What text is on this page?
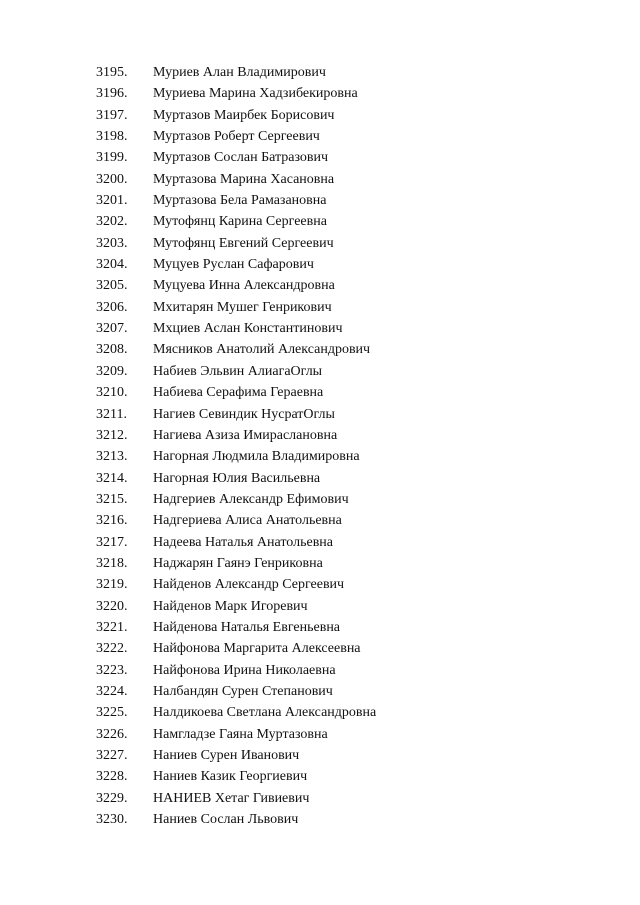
3195. Муриев Алан Владимирович
3196. Муриева Марина Хадзибекировна
3197. Муртазов Маирбек Борисович
3198. Муртазов Роберт Сергеевич
3199. Муртазов Сослан Батразович
3200. Муртазова Марина Хасановна
3201. Муртазова Бела Рамазановна
3202. Мутофянц Карина Сергеевна
3203. Мутофянц Евгений Сергеевич
3204. Муцуев Руслан Сафарович
3205. Муцуева Инна Александровна
3206. Мхитарян Мушег Генрикович
3207. Мхциев Аслан Константинович
3208. Мясников Анатолий Александрович
3209. Набиев Эльвин АлиагаОглы
3210. Набиева Серафима Гераевна
3211. Нагиев Севиндик НусратОглы
3212. Нагиева Азиза Имираслановна
3213. Нагорная Людмила Владимировна
3214. Нагорная Юлия Васильевна
3215. Надгериев Александр Ефимович
3216. Надгериева Алиса Анатольевна
3217. Надеева Наталья Анатольевна
3218. Наджарян Гаянэ Генриковна
3219. Найденов Александр Сергеевич
3220. Найденов Марк Игоревич
3221. Найденова Наталья Евгеньевна
3222. Найфонова Маргарита Алексеевна
3223. Найфонова Ирина Николаевна
3224. Налбандян Сурен Степанович
3225. Налдикоева Светлана Александровна
3226. Намгладзе Гаяна Муртазовна
3227. Наниев Сурен Иванович
3228. Наниев Казик Георгиевич
3229. НАНИЕВ Хетаг Гивиевич
3230. Наниев Сослан Львович
